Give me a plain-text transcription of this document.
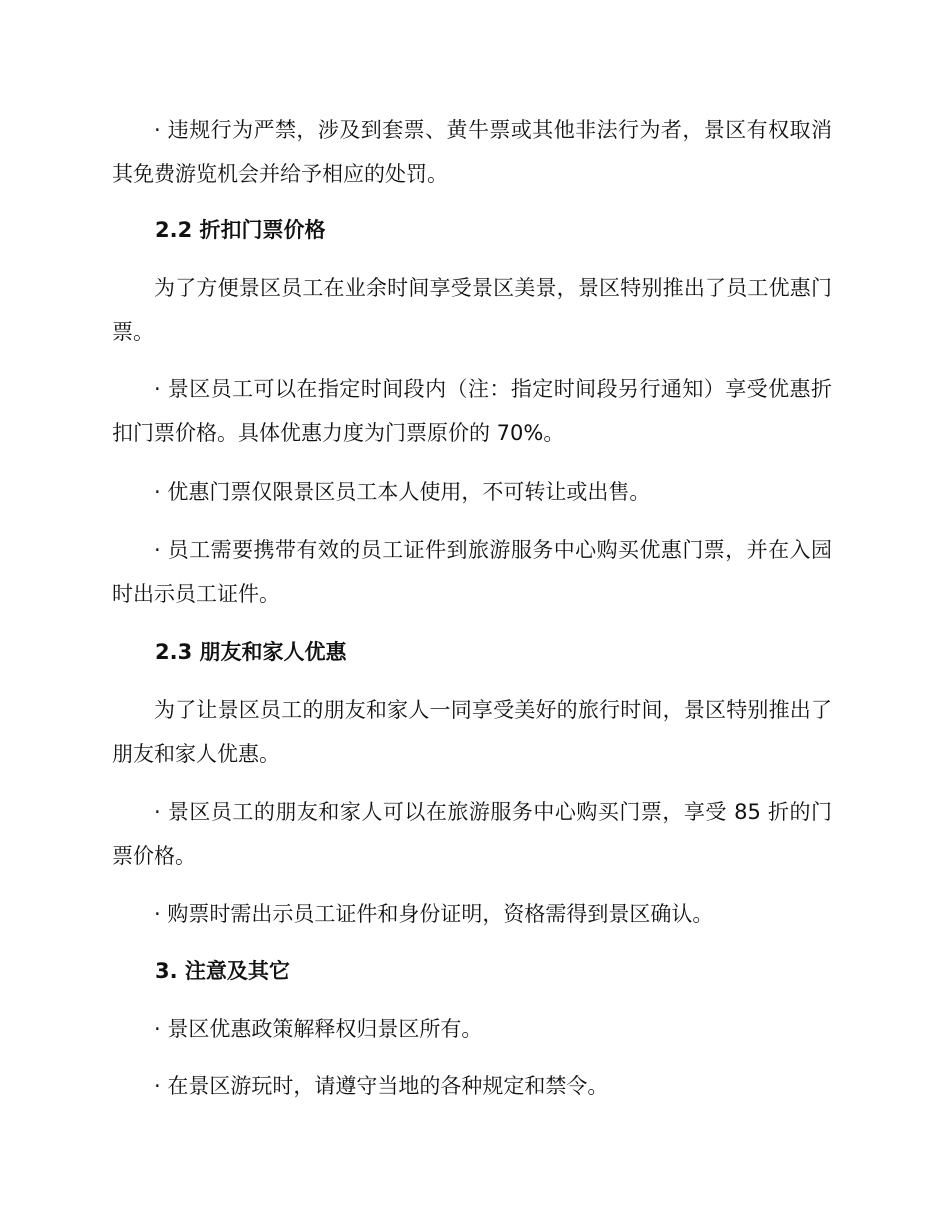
· 违规行为严禁，涉及到套票、黄牛票或其他非法行为者，景区有权取消其免费游览机会并给予相应的处罚。

2.2 折扣门票价格

为了方便景区员工在业余时间享受景区美景，景区特别推出了员工优惠门票。

· 景区员工可以在指定时间段内（注：指定时间段另行通知）享受优惠折扣门票价格。具体优惠力度为门票原价的 70%。

· 优惠门票仅限景区员工本人使用，不可转让或出售。

· 员工需要携带有效的员工证件到旅游服务中心购买优惠门票，并在入园时出示员工证件。

2.3 朋友和家人优惠

为了让景区员工的朋友和家人一同享受美好的旅行时间，景区特别推出了朋友和家人优惠。

· 景区员工的朋友和家人可以在旅游服务中心购买门票，享受 85 折的门票价格。

· 购票时需出示员工证件和身份证明，资格需得到景区确认。

3. 注意及其它

· 景区优惠政策解释权归景区所有。

· 在景区游玩时，请遵守当地的各种规定和禁令。
